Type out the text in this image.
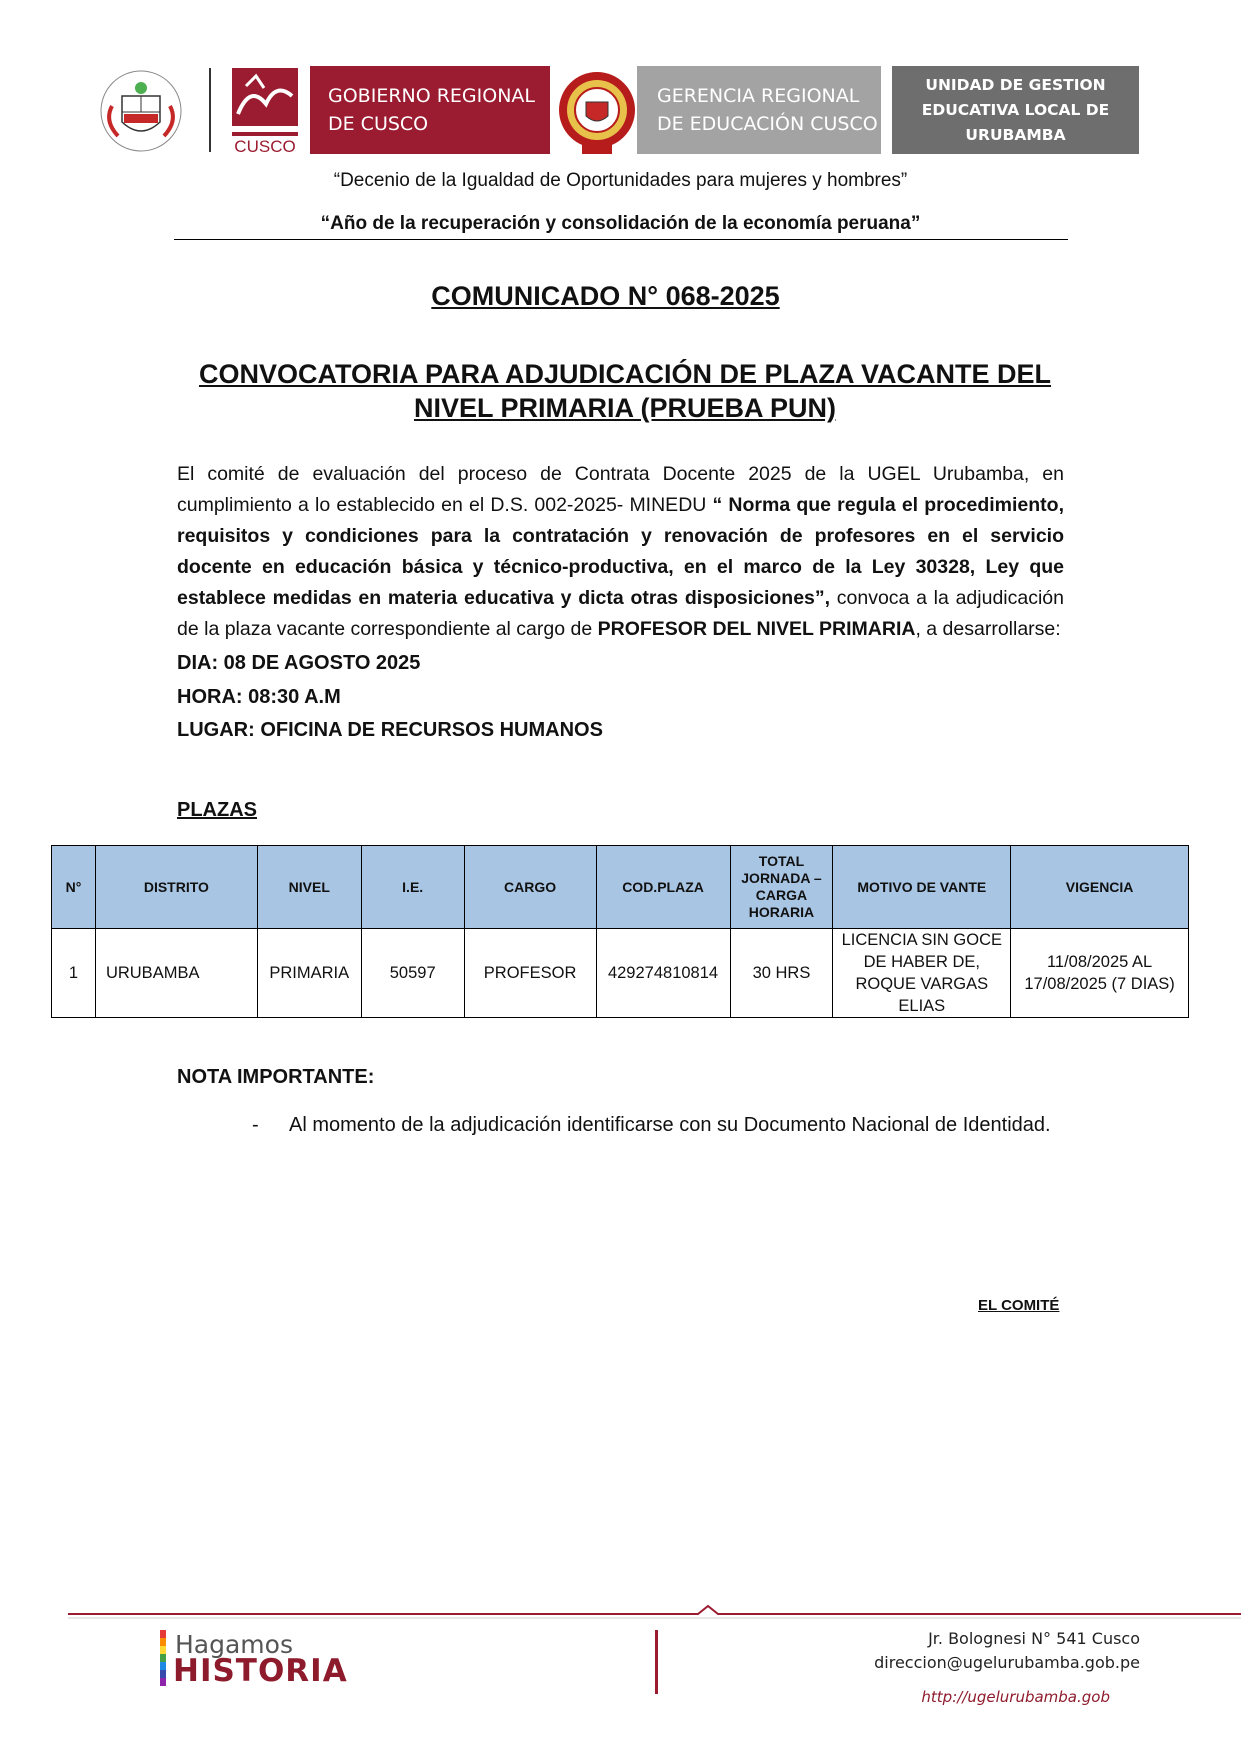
CUSCO
GOBIERNO REGIONAL
DE CUSCO
GERENCIA REGIONAL
DE EDUCACIÓN CUSCO
UNIDAD DE GESTION
EDUCATIVA LOCAL DE
URUBAMBA
“Decenio de la Igualdad de Oportunidades para mujeres y hombres”
“Año de la recuperación y consolidación de la economía peruana”
COMUNICADO N° 068-2025
CONVOCATORIA PARA ADJUDICACIÓN DE PLAZA VACANTE DEL
NIVEL PRIMARIA (PRUEBA PUN)
El comité de evaluación del proceso de Contrata Docente 2025 de la UGEL Urubamba, en cumplimiento a lo establecido en el D.S. 002-2025- MINEDU “ Norma que regula el procedimiento, requisitos y condiciones para la contratación y renovación de profesores en el servicio docente en educación básica y técnico-productiva, en el marco de la Ley 30328, Ley que establece medidas en materia educativa y dicta otras disposiciones”, convoca a la adjudicación de la plaza vacante correspondiente al cargo de PROFESOR DEL NIVEL PRIMARIA, a desarrollarse:
DIA: 08 DE AGOSTO 2025
HORA: 08:30 A.M
LUGAR: OFICINA DE RECURSOS HUMANOS
PLAZAS
N°	DISTRITO	NIVEL	I.E.	CARGO	COD.PLAZA	TOTAL JORNADA – CARGA HORARIA	MOTIVO DE VANTE	VIGENCIA
1	URUBAMBA	PRIMARIA	50597	PROFESOR	429274810814	30 HRS	LICENCIA SIN GOCE DE HABER DE, ROQUE VARGAS ELIAS	11/08/2025 AL 17/08/2025 (7 DIAS)
NOTA IMPORTANTE:
- Al momento de la adjudicación identificarse con su Documento Nacional de Identidad.
EL COMITÉ
Hagamos
HISTORIA
Jr. Bolognesi N° 541 Cusco
direccion@ugelurubamba.gob.pe
http://ugelurubamba.gob
